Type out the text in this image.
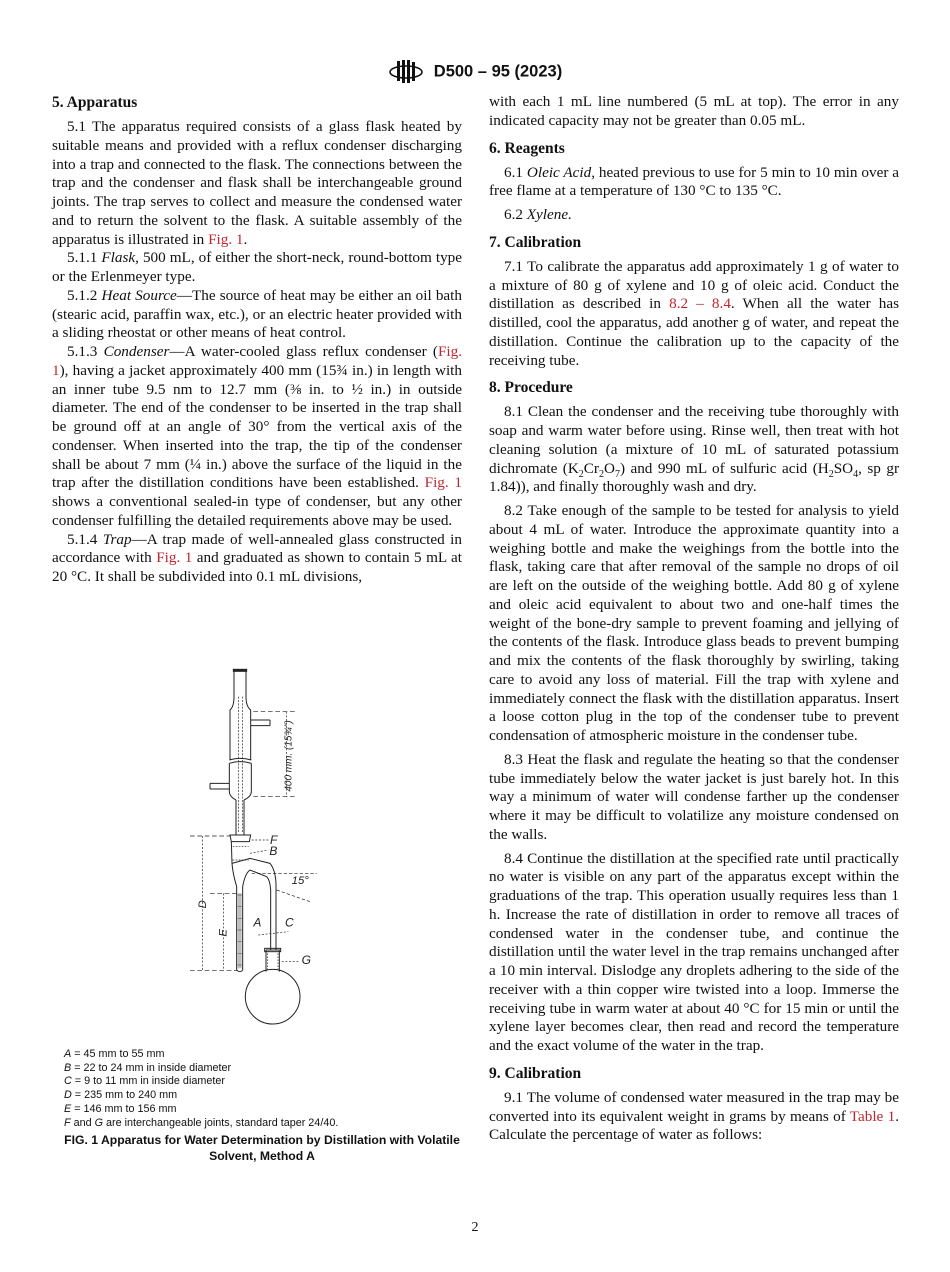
D500 – 95 (2023)
5. Apparatus

5.1 The apparatus required consists of a glass flask heated by suitable means and provided with a reflux condenser discharging into a trap and connected to the flask. The connections between the trap and the condenser and flask shall be interchangeable ground joints. The trap serves to collect and measure the condensed water and to return the solvent to the flask. A suitable assembly of the apparatus is illustrated in Fig. 1.

5.1.1 Flask, 500 mL, of either the short-neck, round-bottom type or the Erlenmeyer type.

5.1.2 Heat Source—The source of heat may be either an oil bath (stearic acid, paraffin wax, etc.), or an electric heater provided with a sliding rheostat or other means of heat control.

5.1.3 Condenser—A water-cooled glass reflux condenser (Fig. 1), having a jacket approximately 400 mm (15¾ in.) in length with an inner tube 9.5 nm to 12.7 mm (⅜ in. to ½ in.) in outside diameter. The end of the condenser to be inserted in the trap shall be ground off at an angle of 30° from the vertical axis of the condenser. When inserted into the trap, the tip of the condenser shall be about 7 mm (¼ in.) above the surface of the liquid in the trap after the distillation conditions have been established. Fig. 1 shows a conventional sealed-in type of condenser, but any other condenser fulfilling the detailed requirements above may be used.

5.1.4 Trap—A trap made of well-annealed glass constructed in accordance with Fig. 1 and graduated as shown to contain 5 mL at 20 °C. It shall be subdivided into 0.1 mL divisions,

F
B
15°
A C
G
D
E
400 mm. (15¾")
A = 45 mm to 55 mm
B = 22 to 24 mm in inside diameter
C = 9 to 11 mm in inside diameter
D = 235 mm to 240 mm
E = 146 mm to 156 mm
F and G are interchangeable joints, standard taper 24/40.
FIG. 1 Apparatus for Water Determination by Distillation with Volatile Solvent, Method A

with each 1 mL line numbered (5 mL at top). The error in any indicated capacity may not be greater than 0.05 mL.

6. Reagents

6.1 Oleic Acid, heated previous to use for 5 min to 10 min over a free flame at a temperature of 130 °C to 135 °C.

6.2 Xylene.

7. Calibration

7.1 To calibrate the apparatus add approximately 1 g of water to a mixture of 80 g of xylene and 10 g of oleic acid. Conduct the distillation as described in 8.2 – 8.4. When all the water has distilled, cool the apparatus, add another g of water, and repeat the distillation. Continue the calibration up to the capacity of the receiving tube.

8. Procedure

8.1 Clean the condenser and the receiving tube thoroughly with soap and warm water before using. Rinse well, then treat with hot cleaning solution (a mixture of 10 mL of saturated potassium dichromate $(K_2Cr_2O_7)$ and 990 mL of sulfuric acid ($H_2SO_4$, sp gr 1.84)), and finally thoroughly wash and dry.

8.2 Take enough of the sample to be tested for analysis to yield about 4 mL of water. Introduce the approximate quantity into a weighing bottle and make the weighings from the bottle into the flask, taking care that after removal of the sample no drops of oil are left on the outside of the weighing bottle. Add 80 g of xylene and oleic acid equivalent to about two and one-half times the weight of the bone-dry sample to prevent foaming and jellying of the contents of the flask. Introduce glass beads to prevent bumping and mix the contents of the flask thoroughly by swirling, taking care to avoid any loss of material. Fill the trap with xylene and immediately connect the flask with the distillation apparatus. Insert a loose cotton plug in the top of the condenser tube to prevent condensation of atmospheric moisture in the condenser tube.

8.3 Heat the flask and regulate the heating so that the condenser tube immediately below the water jacket is just barely hot. In this way a minimum of water will condense farther up the condenser where it may be difficult to volatilize any moisture condensed on the walls.

8.4 Continue the distillation at the specified rate until practically no water is visible on any part of the apparatus except within the graduations of the trap. This operation usually requires less than 1 h. Increase the rate of distillation in order to remove all traces of condensed water in the condenser tube, and continue the distillation until the water level in the trap remains unchanged after a 10 min interval. Dislodge any droplets adhering to the side of the receiver with a thin copper wire twisted into a loop. Immerse the receiving tube in warm water at about 40 °C for 15 min or until the xylene layer becomes clear, then read and record the temperature and the exact volume of the water in the trap.

9. Calibration

9.1 The volume of condensed water measured in the trap may be converted into its equivalent weight in grams by means of Table 1. Calculate the percentage of water as follows:

2
